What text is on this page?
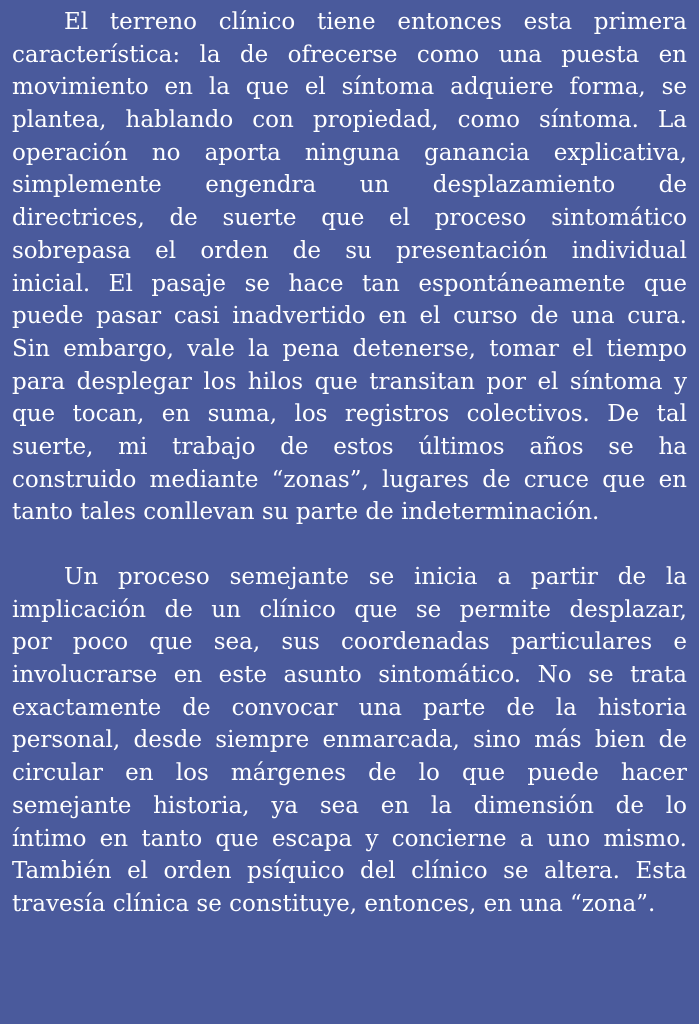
El terreno clínico tiene entonces esta primera
característica: la de ofrecerse como una puesta en
movimiento en la que el síntoma adquiere forma, se
plantea, hablando con propiedad, como síntoma. La
operación no aporta ninguna ganancia explicativa,
simplemente engendra un desplazamiento de
directrices, de suerte que el proceso sintomático
sobrepasa el orden de su presentación individual
inicial. El pasaje se hace tan espontáneamente que
puede pasar casi inadvertido en el curso de una cura.
Sin embargo, vale la pena detenerse, tomar el tiempo
para desplegar los hilos que transitan por el síntoma y
que tocan, en suma, los registros colectivos. De tal
suerte, mi trabajo de estos últimos años se ha
construido mediante “zonas”, lugares de cruce que en
tanto tales conllevan su parte de indeterminación.
Un proceso semejante se inicia a partir de la
implicación de un clínico que se permite desplazar,
por poco que sea, sus coordenadas particulares e
involucrarse en este asunto sintomático. No se trata
exactamente de convocar una parte de la historia
personal, desde siempre enmarcada, sino más bien de
circular en los márgenes de lo que puede hacer
semejante historia, ya sea en la dimensión de lo
íntimo en tanto que escapa y concierne a uno mismo.
También el orden psíquico del clínico se altera. Esta
travesía clínica se constituye, entonces, en una “zona”.
